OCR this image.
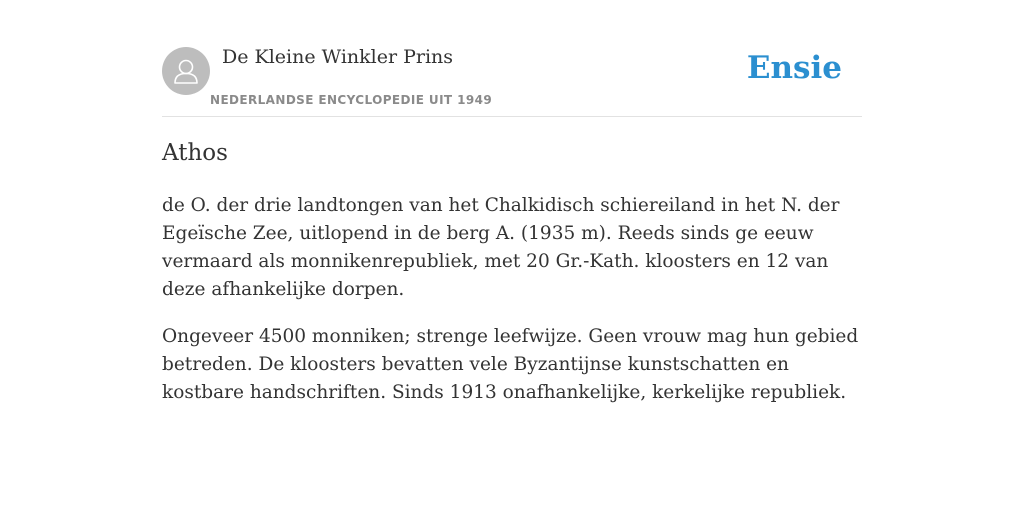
De Kleine Winkler Prins
NEDERLANDSE ENCYCLOPEDIE UIT 1949
Ensie
Athos

de O. der drie landtongen van het Chalkidisch schiereiland in het N. der Egeïsche Zee, uitlopend in de berg A. (1935 m). Reeds sinds ge eeuw vermaard als monnikenrepubliek, met 20 Gr.-Kath. kloosters en 12 van deze afhankelijke dorpen.

Ongeveer 4500 monniken; strenge leefwijze. Geen vrouw mag hun gebied betreden. De kloosters bevatten vele Byzantijnse kunstschatten en kostbare handschriften. Sinds 1913 onafhankelijke, kerkelijke republiek.
